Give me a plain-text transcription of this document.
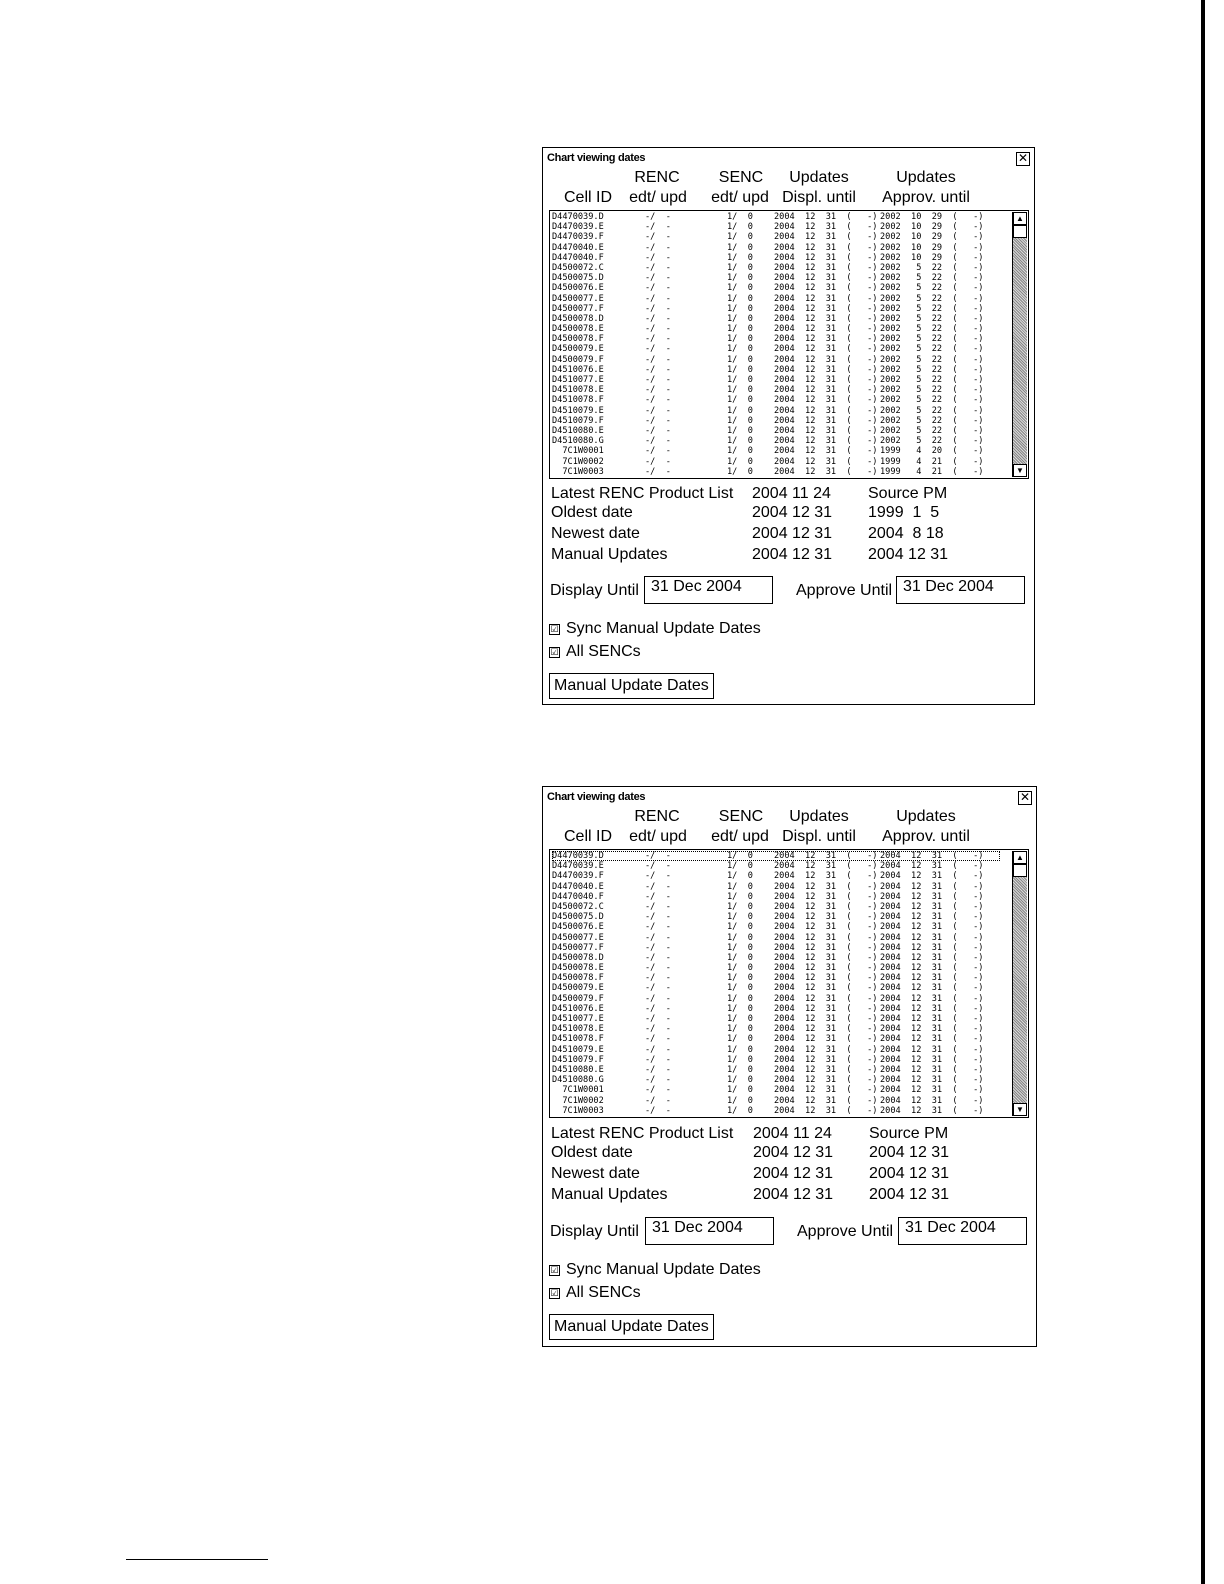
Chart viewing dates	✕
RENC	SENC	Updates	Updates
Cell ID	edt/ upd	edt/ upd Displ. until	Approv. until
D4470039.D	-/  -	1/  0 2004  12  31  (   -) 2002  10  29  (   -)
D4470039.E	-/  -	1/  0 2004  12  31  (   -) 2002  10  29  (   -)
D4470039.F	-/  -	1/  0 2004  12  31  (   -) 2002  10  29  (   -)
D4470040.E	-/  -	1/  0 2004  12  31  (   -) 2002  10  29  (   -)
D4470040.F	-/  -	1/  0 2004  12  31  (   -) 2002  10  29  (   -)
D4500072.C	-/  -	1/  0 2004  12  31  (   -) 2002   5  22  (   -)
D4500075.D	-/  -	1/  0 2004  12  31  (   -) 2002   5  22  (   -)
D4500076.E	-/  -	1/  0 2004  12  31  (   -) 2002   5  22  (   -)
D4500077.E	-/  -	1/  0 2004  12  31  (   -) 2002   5  22  (   -)
D4500077.F	-/  -	1/  0 2004  12  31  (   -) 2002   5  22  (   -)
D4500078.D	-/  -	1/  0 2004  12  31  (   -) 2002   5  22  (   -)
D4500078.E	-/  -	1/  0 2004  12  31  (   -) 2002   5  22  (   -)
D4500078.F	-/  -	1/  0 2004  12  31  (   -) 2002   5  22  (   -)
D4500079.E	-/  -	1/  0 2004  12  31  (   -) 2002   5  22  (   -)
D4500079.F	-/  -	1/  0 2004  12  31  (   -) 2002   5  22  (   -)
D4510076.E	-/  -	1/  0 2004  12  31  (   -) 2002   5  22  (   -)
D4510077.E	-/  -	1/  0 2004  12  31  (   -) 2002   5  22  (   -)
D4510078.E	-/  -	1/  0 2004  12  31  (   -) 2002   5  22  (   -)
D4510078.F	-/  -	1/  0 2004  12  31  (   -) 2002   5  22  (   -)
D4510079.E	-/  -	1/  0 2004  12  31  (   -) 2002   5  22  (   -)
D4510079.F	-/  -	1/  0 2004  12  31  (   -) 2002   5  22  (   -)
D4510080.E	-/  -	1/  0 2004  12  31  (   -) 2002   5  22  (   -)
D4510080.G	-/  -	1/  0 2004  12  31  (   -) 2002   5  22  (   -)
7C1W0001	-/  -	1/  0 2004  12  31  (   -) 1999   4  20  (   -)
7C1W0002	-/  -	1/  0 2004  12  31  (   -) 1999   4  21  (   -)
7C1W0003	-/  -	1/  0 2004  12  31  (   -) 1999   4  21  (   -)
▲
▼
Latest RENC Product List 2004 11 24 Source PM
Oldest date	2004 12 31 1999  1  5
Newest date	2004 12 31 2004  8 18
Manual Updates	2004 12 31 2004 12 31
Display Until 31 Dec 2004	Approve Until 31 Dec 2004
☑ Sync Manual Update Dates
☑ All SENCs
Manual Update Dates
Chart viewing dates	✕
RENC	SENC	Updates	Updates
Cell ID	edt/ upd	edt/ upd Displ. until	Approv. until
D4470039.D	-/  -	1/  0 2004  12  31  (   -) 2004  12  31  (   -)
D4470039.E	-/  -	1/  0 2004  12  31  (   -) 2004  12  31  (   -)
D4470039.F	-/  -	1/  0 2004  12  31  (   -) 2004  12  31  (   -)
D4470040.E	-/  -	1/  0 2004  12  31  (   -) 2004  12  31  (   -)
D4470040.F	-/  -	1/  0 2004  12  31  (   -) 2004  12  31  (   -)
D4500072.C	-/  -	1/  0 2004  12  31  (   -) 2004  12  31  (   -)
D4500075.D	-/  -	1/  0 2004  12  31  (   -) 2004  12  31  (   -)
D4500076.E	-/  -	1/  0 2004  12  31  (   -) 2004  12  31  (   -)
D4500077.E	-/  -	1/  0 2004  12  31  (   -) 2004  12  31  (   -)
D4500077.F	-/  -	1/  0 2004  12  31  (   -) 2004  12  31  (   -)
D4500078.D	-/  -	1/  0 2004  12  31  (   -) 2004  12  31  (   -)
D4500078.E	-/  -	1/  0 2004  12  31  (   -) 2004  12  31  (   -)
D4500078.F	-/  -	1/  0 2004  12  31  (   -) 2004  12  31  (   -)
D4500079.E	-/  -	1/  0 2004  12  31  (   -) 2004  12  31  (   -)
D4500079.F	-/  -	1/  0 2004  12  31  (   -) 2004  12  31  (   -)
D4510076.E	-/  -	1/  0 2004  12  31  (   -) 2004  12  31  (   -)
D4510077.E	-/  -	1/  0 2004  12  31  (   -) 2004  12  31  (   -)
D4510078.E	-/  -	1/  0 2004  12  31  (   -) 2004  12  31  (   -)
D4510078.F	-/  -	1/  0 2004  12  31  (   -) 2004  12  31  (   -)
D4510079.E	-/  -	1/  0 2004  12  31  (   -) 2004  12  31  (   -)
D4510079.F	-/  -	1/  0 2004  12  31  (   -) 2004  12  31  (   -)
D4510080.E	-/  -	1/  0 2004  12  31  (   -) 2004  12  31  (   -)
D4510080.G	-/  -	1/  0 2004  12  31  (   -) 2004  12  31  (   -)
7C1W0001	-/  -	1/  0 2004  12  31  (   -) 2004  12  31  (   -)
7C1W0002	-/  -	1/  0 2004  12  31  (   -) 2004  12  31  (   -)
7C1W0003	-/  -	1/  0 2004  12  31  (   -) 2004  12  31  (   -)
▲
▼
Latest RENC Product List 2004 11 24 Source PM
Oldest date	2004 12 31 2004 12 31
Newest date	2004 12 31 2004 12 31
Manual Updates	2004 12 31 2004 12 31
Display Until 31 Dec 2004	Approve Until 31 Dec 2004
☑ Sync Manual Update Dates
☑ All SENCs
Manual Update Dates
